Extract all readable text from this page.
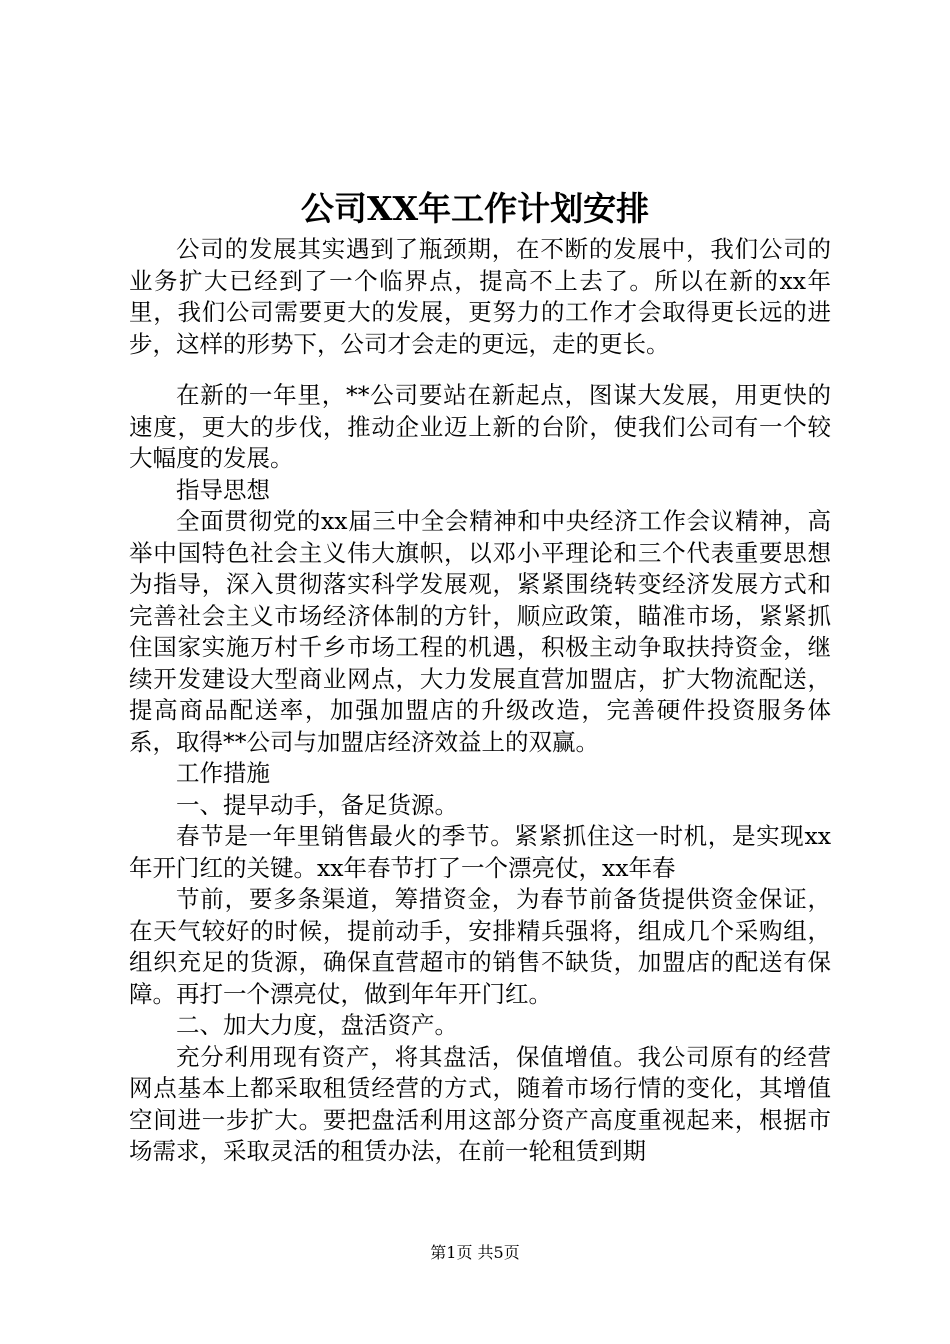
公司XX年工作计划安排

公司的发展其实遇到了瓶颈期，在不断的发展中，我们公司的业务扩大已经到了一个临界点，提高不上去了。所以在新的xx年里，我们公司需要更大的发展，更努力的工作才会取得更长远的进步，这样的形势下，公司才会走的更远，走的更长。

在新的一年里，**公司要站在新起点，图谋大发展，用更快的速度，更大的步伐，推动企业迈上新的台阶，使我们公司有一个较大幅度的发展。

指导思想

全面贯彻党的xx届三中全会精神和中央经济工作会议精神，高举中国特色社会主义伟大旗帜，以邓小平理论和三个代表重要思想为指导，深入贯彻落实科学发展观，紧紧围绕转变经济发展方式和完善社会主义市场经济体制的方针，顺应政策，瞄准市场，紧紧抓住国家实施万村千乡市场工程的机遇，积极主动争取扶持资金，继续开发建设大型商业网点，大力发展直营加盟店，扩大物流配送，提高商品配送率，加强加盟店的升级改造，完善硬件投资服务体系，取得**公司与加盟店经济效益上的双赢。

工作措施

一、提早动手，备足货源。

春节是一年里销售最火的季节。紧紧抓住这一时机，是实现xx年开门红的关键。xx年春节打了一个漂亮仗，xx年春

节前，要多条渠道，筹措资金，为春节前备货提供资金保证，在天气较好的时候，提前动手，安排精兵强将，组成几个采购组，组织充足的货源，确保直营超市的销售不缺货，加盟店的配送有保障。再打一个漂亮仗，做到年年开门红。

二、加大力度，盘活资产。

充分利用现有资产，将其盘活，保值增值。我公司原有的经营网点基本上都采取租赁经营的方式，随着市场行情的变化，其增值空间进一步扩大。要把盘活利用这部分资产高度重视起来，根据市场需求，采取灵活的租赁办法，在前一轮租赁到期

第1页 共5页
